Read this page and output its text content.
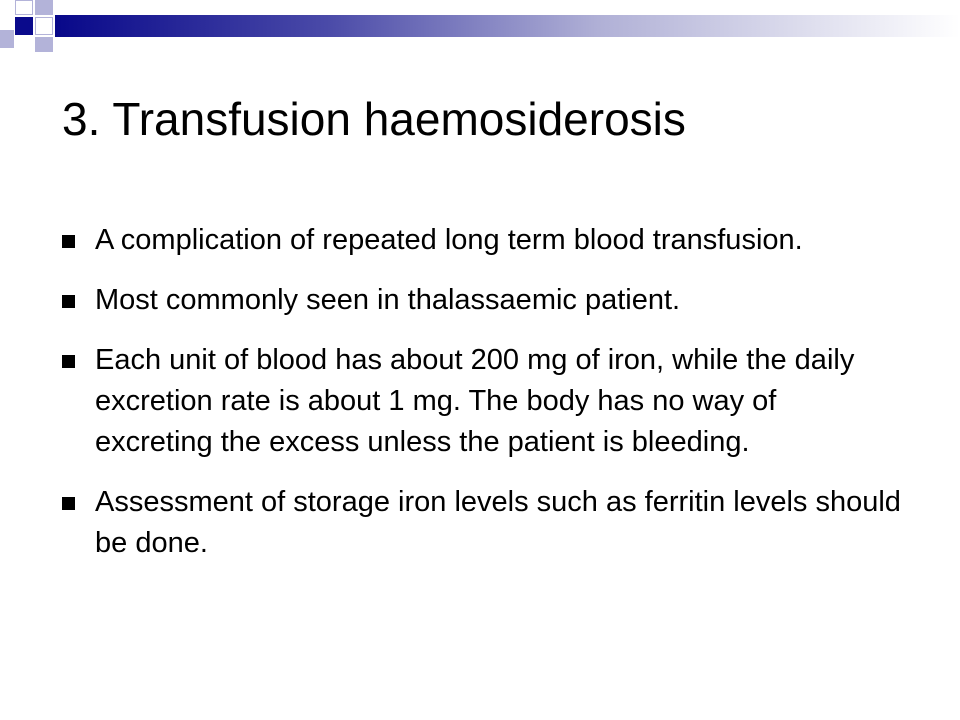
3. Transfusion haemosiderosis
A complication of repeated long term blood transfusion.
Most commonly seen in thalassaemic patient.
Each unit of blood has about 200 mg of iron, while the daily excretion rate is about 1 mg. The body has no way of excreting the excess unless the patient is bleeding.
Assessment of storage iron levels such as ferritin levels should be done.
